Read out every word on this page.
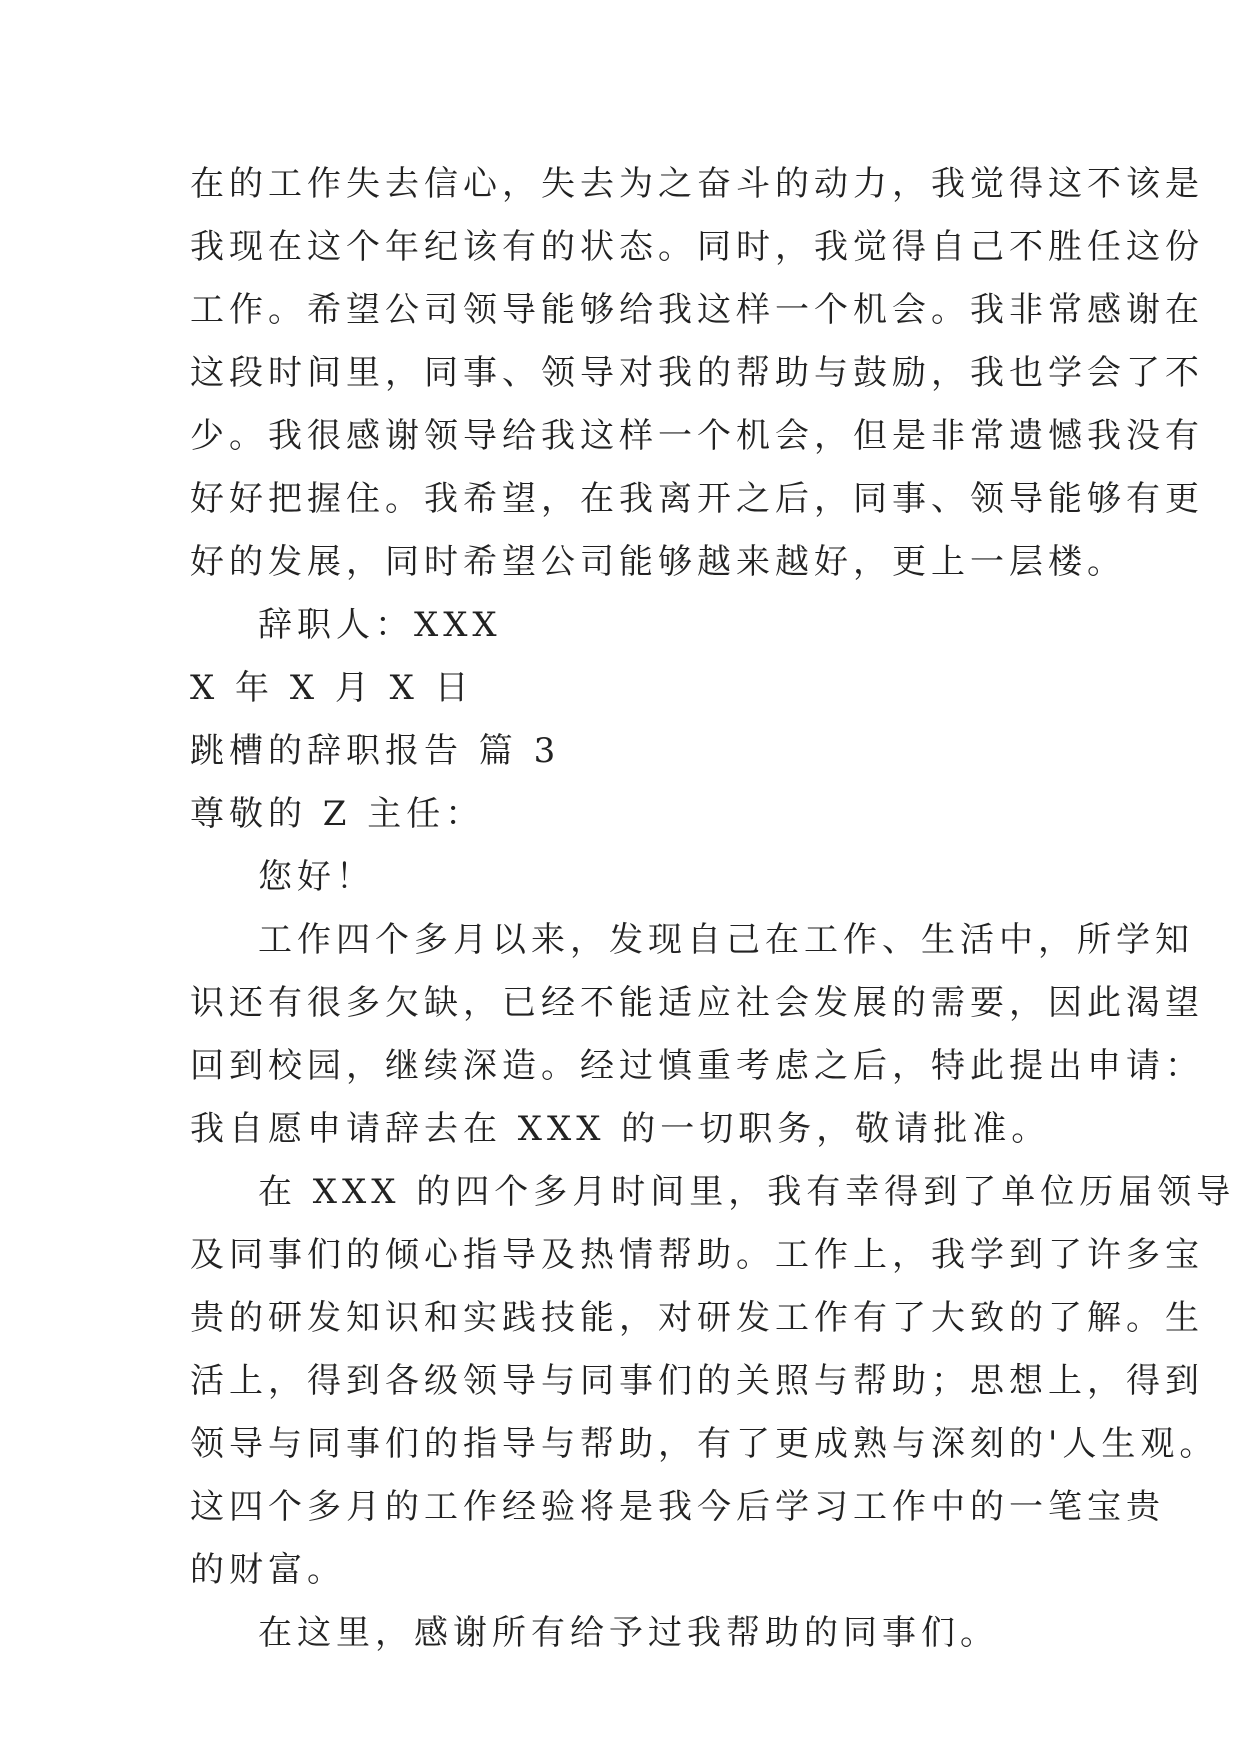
在的工作失去信心，失去为之奋斗的动力，我觉得这不该是
我现在这个年纪该有的状态。同时，我觉得自己不胜任这份
工作。希望公司领导能够给我这样一个机会。我非常感谢在
这段时间里，同事、领导对我的帮助与鼓励，我也学会了不
少。我很感谢领导给我这样一个机会，但是非常遗憾我没有
好好把握住。我希望，在我离开之后，同事、领导能够有更
好的发展，同时希望公司能够越来越好，更上一层楼。
辞职人：XXX
X 年 X 月 X 日
跳槽的辞职报告 篇 3
尊敬的 Z 主任：
您好！
工作四个多月以来，发现自己在工作、生活中，所学知
识还有很多欠缺，已经不能适应社会发展的需要，因此渴望
回到校园，继续深造。经过慎重考虑之后，特此提出申请：
我自愿申请辞去在 XXX 的一切职务，敬请批准。
在 XXX 的四个多月时间里，我有幸得到了单位历届领导
及同事们的倾心指导及热情帮助。工作上，我学到了许多宝
贵的研发知识和实践技能，对研发工作有了大致的了解。生
活上，得到各级领导与同事们的关照与帮助；思想上，得到
领导与同事们的指导与帮助，有了更成熟与深刻的'人生观。
这四个多月的工作经验将是我今后学习工作中的一笔宝贵
的财富。
在这里，感谢所有给予过我帮助的同事们。
